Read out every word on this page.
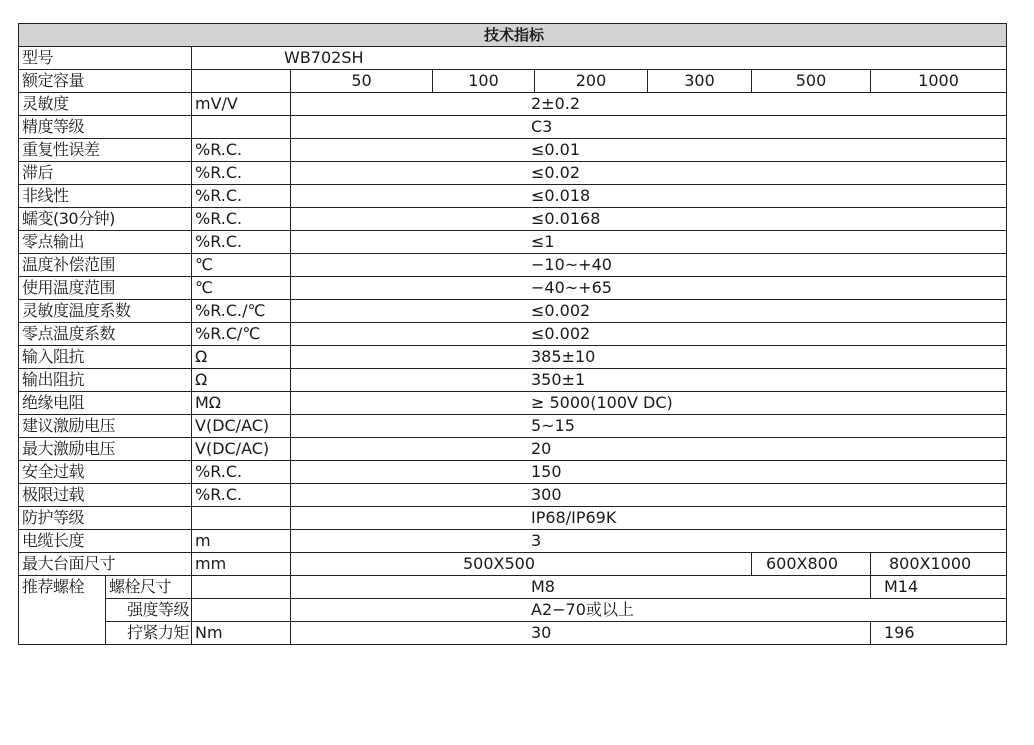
技术指标								
型号		WB702SH						
额定容量			50	100	200	300	500	1000
灵敏度		mV/V	2±0.2					
精度等级			C3					
重复性误差		%R.C.	≤0.01					
滞后		%R.C.	≤0.02					
非线性		%R.C.	≤0.018					
蠕变(30分钟)		%R.C.	≤0.0168					
零点输出		%R.C.	≤1					
温度补偿范围		℃	−10~+40					
使用温度范围		℃	−40~+65					
灵敏度温度系数		%R.C./℃	≤0.002					
零点温度系数		%R.C/℃	≤0.002					
输入阻抗		Ω	385±10					
输出阻抗		Ω	350±1					
绝缘电阻		MΩ	≥ 5000(100V DC)					
建议激励电压		V(DC/AC)	5~15					
最大激励电压		V(DC/AC)	20					
安全过载		%R.C.	150					
极限过载		%R.C.	300					
防护等级			IP68/IP69K					
电缆长度		m	3					
最大台面尺寸		mm	500X500				600X800	800X1000
推荐螺栓	螺栓尺寸		M8					M14
	强度等级		A2−70或以上					
	拧紧力矩	Nm	30					196
